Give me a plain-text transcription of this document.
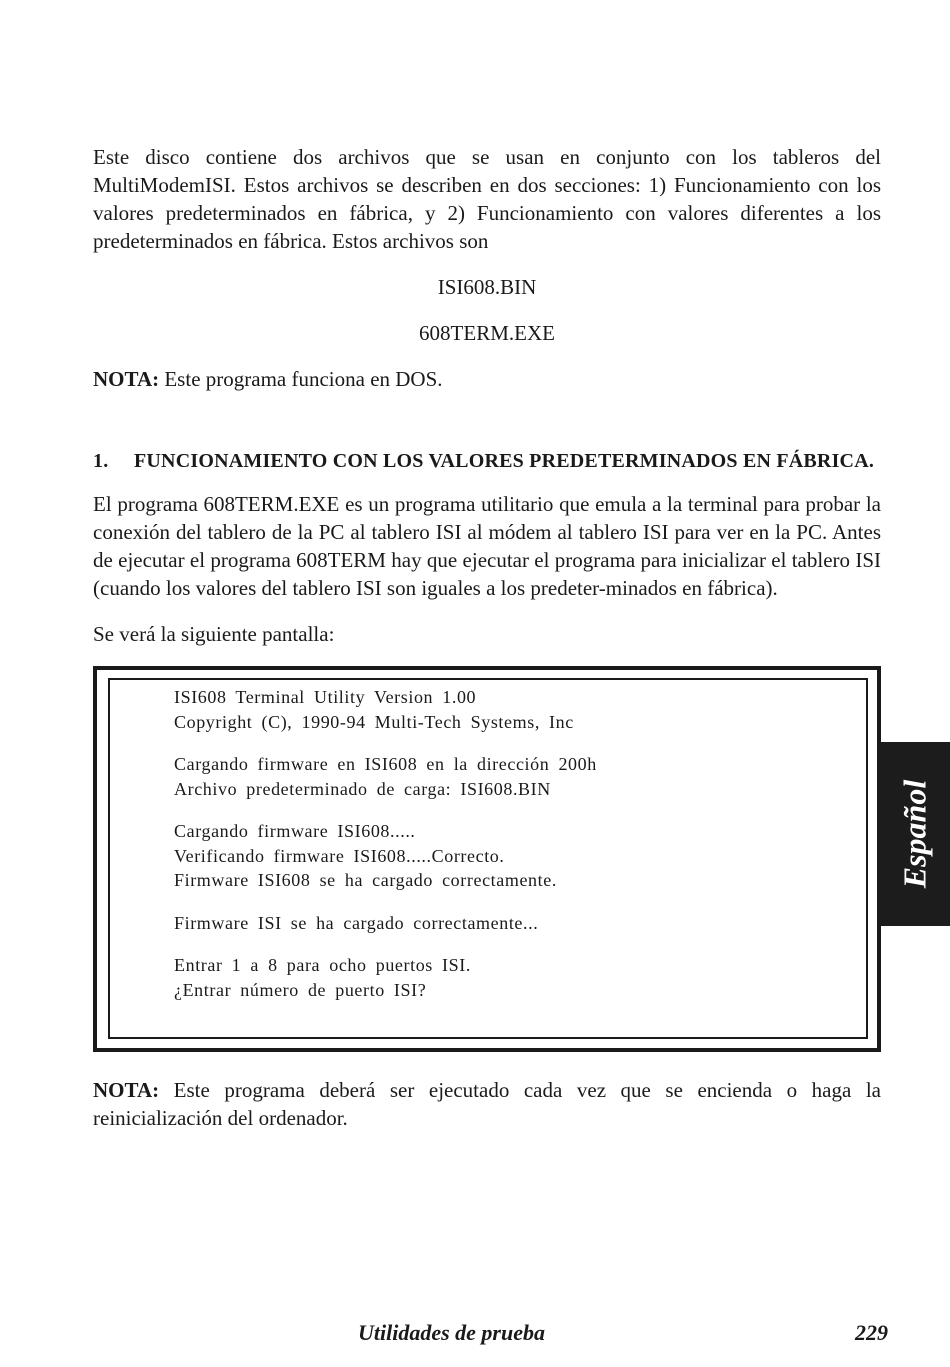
Este disco contiene dos archivos que se usan en conjunto con los tableros del MultiModemISI. Estos archivos se describen en dos secciones: 1) Funcionamiento con los valores predeterminados en fábrica, y 2) Funcionamiento con valores diferentes a los predeterminados en fábrica. Estos archivos son

ISI608.BIN

608TERM.EXE

NOTA: Este programa funciona en DOS.

1.	FUNCIONAMIENTO CON LOS VALORES PREDETERMINADOS EN FÁBRICA.

El programa 608TERM.EXE es un programa utilitario que emula a la terminal para probar la conexión del tablero de la PC al tablero ISI al módem al tablero ISI para ver en la PC. Antes de ejecutar el programa 608TERM hay que ejecutar el programa para inicializar el tablero ISI (cuando los valores del tablero ISI son iguales a los predeter-minados en fábrica).

Se verá la siguiente pantalla:

ISI608 Terminal Utility Version 1.00
Copyright (C), 1990-94 Multi-Tech Systems, Inc
Cargando firmware en ISI608 en la dirección 200h
Archivo predeterminado de carga: ISI608.BIN
Cargando firmware ISI608.....
Verificando firmware ISI608.....Correcto.
Firmware ISI608 se ha cargado correctamente.
Firmware ISI se ha cargado correctamente...
Entrar 1 a 8 para ocho puertos ISI.
¿Entrar número de puerto ISI?

NOTA: Este programa deberá ser ejecutado cada vez que se encienda o haga la reinicialización del ordenador.

Español
Utilidades de prueba	229
